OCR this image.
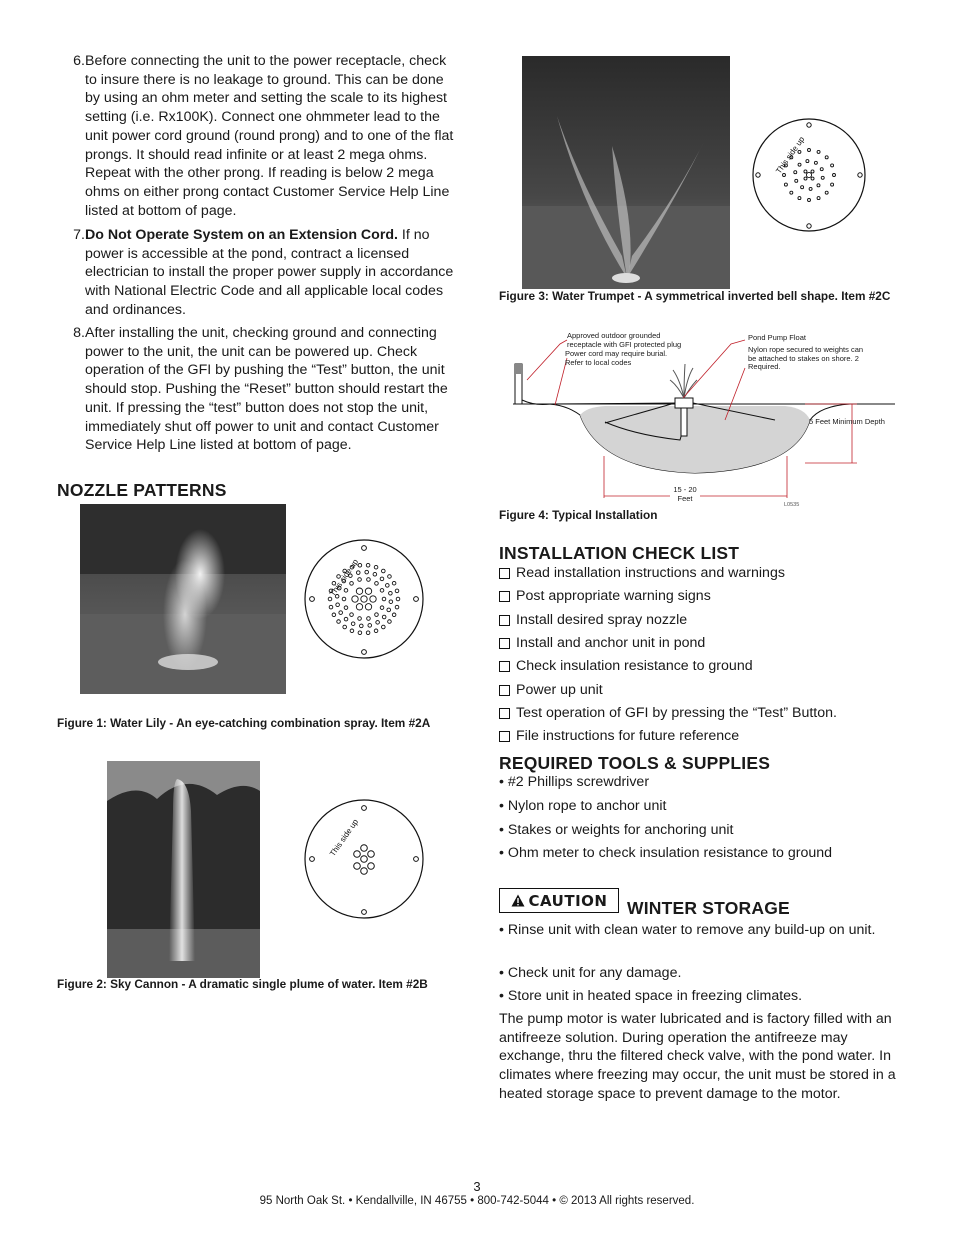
6. Before connecting the unit to the power receptacle, check to insure there is no leakage to ground. This can be done by using an ohm meter and setting the scale to its highest setting (i.e. Rx100K). Connect one ohmmeter lead to the unit power cord ground (round prong) and to one of the flat prongs. It should read infinite or at least 2 mega ohms. Repeat with the other prong. If reading is below 2 mega ohms on either prong contact Customer Service Help Line listed at bottom of page.
7. Do Not Operate System on an Extension Cord. If no power is accessible at the pond, contract a licensed electrician to install the proper power supply in accordance with National Electric Code and all applicable local codes and ordinances.
8. After installing the unit, checking ground and connecting power to the unit, the unit can be powered up. Check operation of the GFI by pushing the “Test” button, the unit should stop. Pushing the “Reset” button should restart the unit. If pressing the “test” button does not stop the unit, immediately shut off power to unit and contact Customer Service Help Line listed at bottom of page.
NOZZLE PATTERNS
This side up
Figure 1: Water Lily - An eye-catching combination spray. Item #2A
This side up
Figure 2: Sky Cannon - A dramatic single plume of water. Item #2B
This side up
Figure 3: Water Trumpet - A symmetrical inverted bell shape. Item #2C
Approved outdoor grounded receptacle with GFI protected plug
Power cord may require burial. Refer to local codes
Pond Pump Float
Nylon rope secured to weights can be attached to stakes on shore. 2 Required.
5 Feet Minimum Depth
15 - 20 Feet
L0535
Figure 4: Typical Installation
INSTALLATION CHECK LIST
Read installation instructions and warnings
Post appropriate warning signs
Install desired spray nozzle
Install and anchor unit in pond
Check insulation resistance to ground
Power up unit
Test operation of GFI by pressing the “Test” Button.
File instructions for future reference
REQUIRED TOOLS & SUPPLIES
• #2 Phillips screwdriver
• Nylon rope to anchor unit
• Stakes or weights for anchoring unit
• Ohm meter to check insulation resistance to ground
CAUTION WINTER STORAGE
• Rinse unit with clean water to remove any build-up on unit.
• Check unit for any damage.
• Store unit in heated space in freezing climates.
The pump motor is water lubricated and is factory filled with an antifreeze solution. During operation the antifreeze may exchange, thru the filtered check valve, with the pond water. In climates where freezing may occur, the unit must be stored in a heated storage space to prevent damage to the motor.
3
95 North Oak St. • Kendallville, IN 46755 • 800-742-5044 • © 2013 All rights reserved.
